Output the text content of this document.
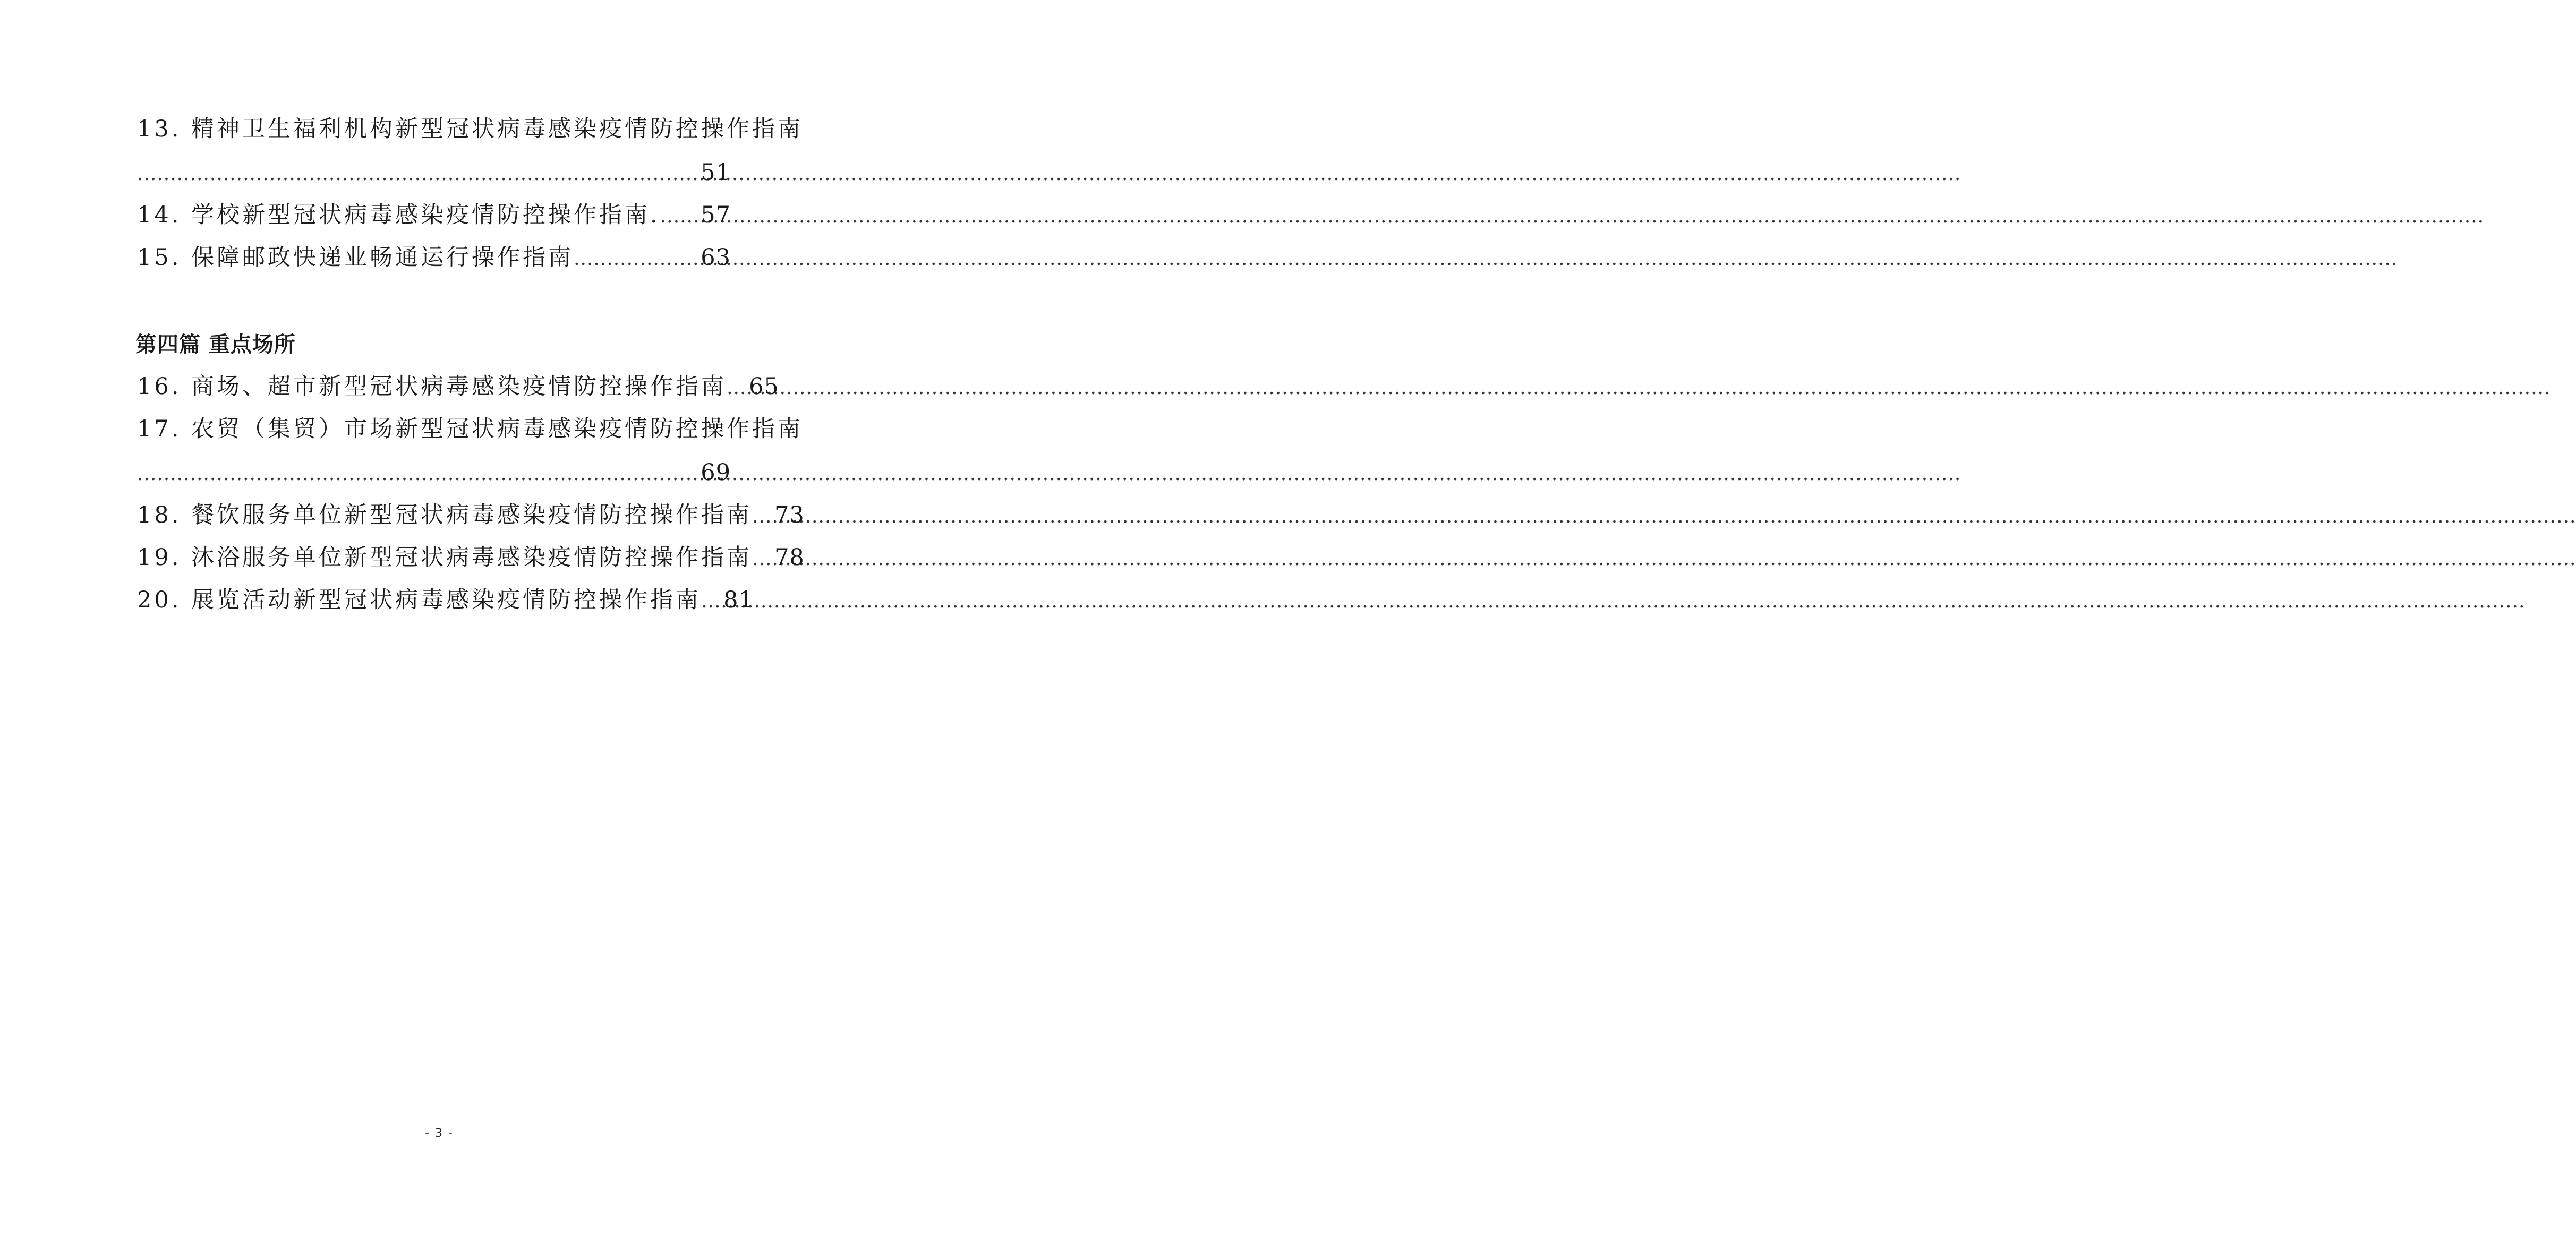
13. 精神卫生福利机构新型冠状病毒感染疫情防控操作指南
.....
51
14. 学校新型冠状病毒感染疫情防控操作指南. ..... 57
15. 保障邮政快递业畅通运行操作指南 .....	63
第四篇 重点场所
16. 商场、超市新型冠状病毒感染疫情防控操作指南 ..... 65
17. 农贸（集贸）市场新型冠状病毒感染疫情防控操作指南
.....
69
18. 餐饮服务单位新型冠状病毒感染疫情防控操作指南 ..... 73
19. 沐浴服务单位新型冠状病毒感染疫情防控操作指南 ..... 78
20. 展览活动新型冠状病毒感染疫情防控操作指南 ..... 81
- 3 -
